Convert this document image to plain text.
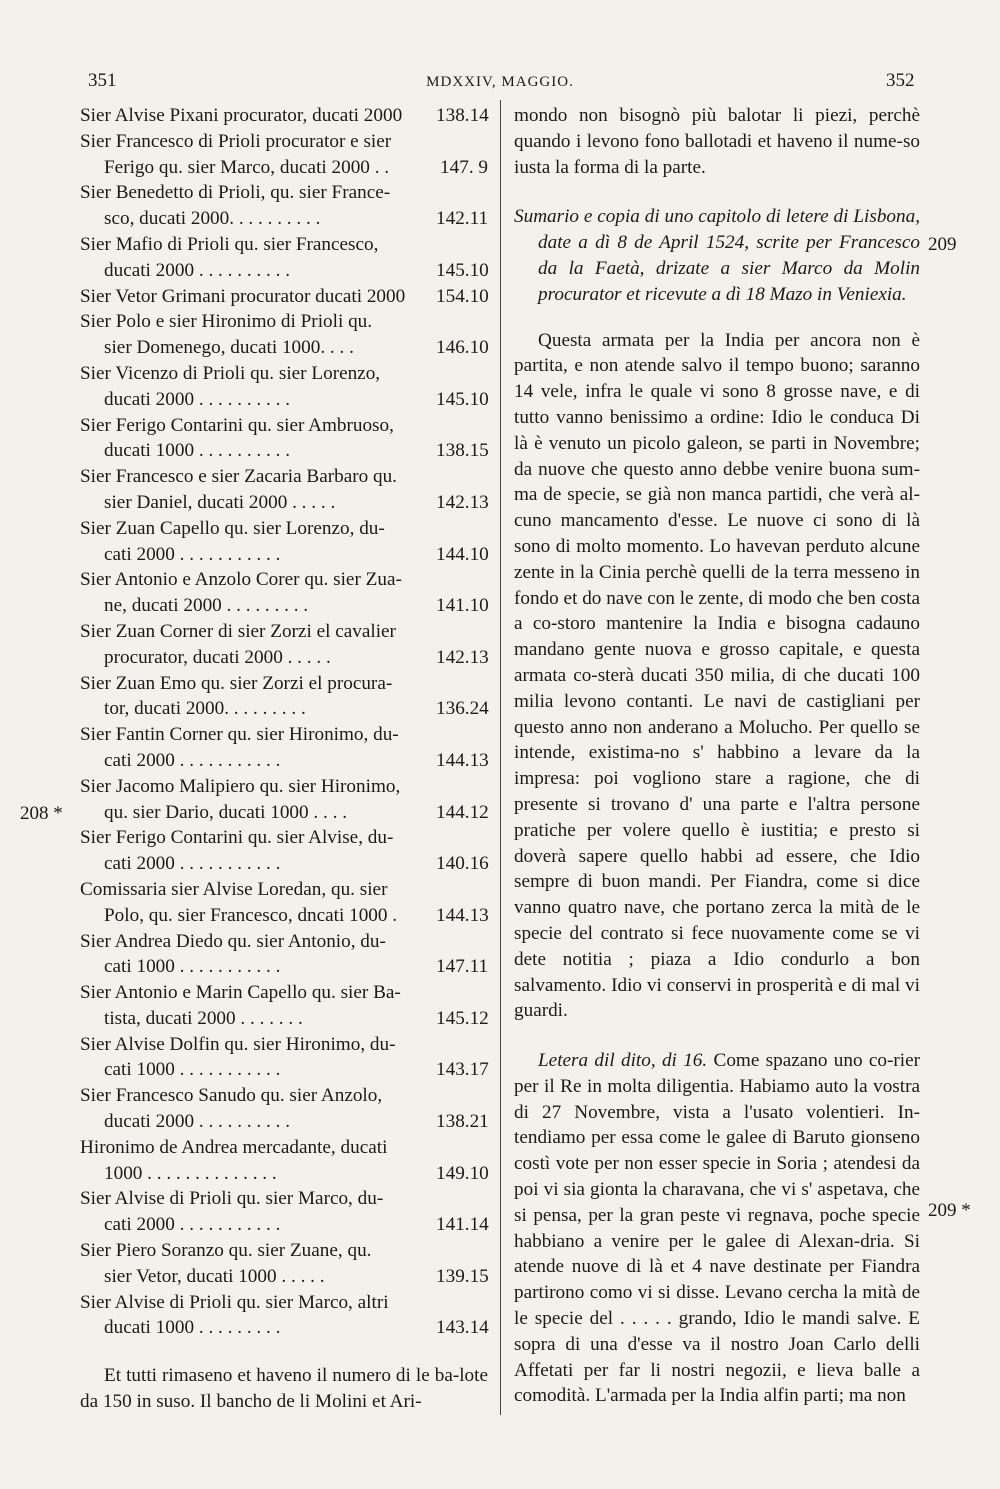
351	MDXXIV, MAGGIO.	352
208 *
209
209 *
Sier Alvise Pixani procurator, ducati 2000	138.14
Sier Francesco di Prioli procurator e sier
Ferigo qu. sier Marco, ducati 2000 . .	147. 9
Sier Benedetto di Prioli, qu. sier France-
sco, ducati 2000. . . . . . . . . .	142.11
Sier Mafio di Prioli qu. sier Francesco,
ducati 2000 . . . . . . . . . .	145.10
Sier Vetor Grimani procurator ducati 2000	154.10
Sier Polo e sier Hironimo di Prioli qu.
sier Domenego, ducati 1000. . . .	146.10
Sier Vicenzo di Prioli qu. sier Lorenzo,
ducati 2000 . . . . . . . . . .	145.10
Sier Ferigo Contarini qu. sier Ambruoso,
ducati 1000 . . . . . . . . . .	138.15
Sier Francesco e sier Zacaria Barbaro qu.
sier Daniel, ducati 2000 . . . . .	142.13
Sier Zuan Capello qu. sier Lorenzo, du-
cati 2000 . . . . . . . . . . .	144.10
Sier Antonio e Anzolo Corer qu. sier Zua-
ne, ducati 2000 . . . . . . . . .	141.10
Sier Zuan Corner di sier Zorzi el cavalier
procurator, ducati 2000 . . . . .	142.13
Sier Zuan Emo qu. sier Zorzi el procura-
tor, ducati 2000. . . . . . . . .	136.24
Sier Fantin Corner qu. sier Hironimo, du-
cati 2000 . . . . . . . . . . .	144.13
Sier Jacomo Malipiero qu. sier Hironimo,
qu. sier Dario, ducati 1000 . . . .	144.12
Sier Ferigo Contarini qu. sier Alvise, du-
cati 2000 . . . . . . . . . . .	140.16
Comissaria sier Alvise Loredan, qu. sier
Polo, qu. sier Francesco, dncati 1000 .	144.13
Sier Andrea Diedo qu. sier Antonio, du-
cati 1000 . . . . . . . . . . .	147.11
Sier Antonio e Marin Capello qu. sier Ba-
tista, ducati 2000 . . . . . . .	145.12
Sier Alvise Dolfin qu. sier Hironimo, du-
cati 1000 . . . . . . . . . . .	143.17
Sier Francesco Sanudo qu. sier Anzolo,
ducati 2000 . . . . . . . . . .	138.21
Hironimo de Andrea mercadante, ducati
1000 . . . . . . . . . . . . . .	149.10
Sier Alvise di Prioli qu. sier Marco, du-
cati 2000 . . . . . . . . . . .	141.14
Sier Piero Soranzo qu. sier Zuane, qu.
sier Vetor, ducati 1000 . . . . .	139.15
Sier Alvise di Prioli qu. sier Marco, altri
ducati 1000 . . . . . . . . .	143.14

Et tutti rimaseno et haveno il numero di le ba-lote da 150 in suso. Il bancho de li Molini et Ari-

mondo non bisognò più balotar li piezi, perchè quando i levono fono ballotadi et haveno il nume-so iusta la forma di la parte.

Sumario e copia di uno capitolo di letere di Lisbona, date a dì 8 de April 1524, scrite per Francesco da la Faetà, drizate a sier Marco da Molin procurator et ricevute a dì 18 Mazo in Veniexia.

Questa armata per la India per ancora non è partita, e non atende salvo il tempo buono; saranno 14 vele, infra le quale vi sono 8 grosse nave, e di tutto vanno benissimo a ordine: Idio le conduca Di là è venuto un picolo galeon, se parti in Novembre; da nuove che questo anno debbe venire buona sum-ma de specie, se già non manca partidi, che verà al-cuno mancamento d'esse. Le nuove ci sono di là sono di molto momento. Lo havevan perduto alcune zente in la Cinia perchè quelli de la terra messeno in fondo et do nave con le zente, di modo che ben costa a co-storo mantenire la India e bisogna cadauno mandano gente nuova e grosso capitale, e questa armata co-sterà ducati 350 milia, di che ducati 100 milia levono contanti. Le navi de castigliani per questo anno non anderano a Molucho. Per quello se intende, existima-no s' habbino a levare da la impresa: poi vogliono stare a ragione, che di presente si trovano d' una parte e l'altra persone pratiche per volere quello è iustitia; e presto si doverà sapere quello habbi ad essere, che Idio sempre di buon mandi. Per Fiandra, come si dice vanno quatro nave, che portano zerca la mità de le specie del contrato si fece nuovamente come se vi dete notitia ; piaza a Idio condurlo a bon salvamento. Idio vi conservi in prosperità e di mal vi guardi.

Letera dil dito, di 16. Come spazano uno co-rier per il Re in molta diligentia. Habiamo auto la vostra di 27 Novembre, vista a l'usato volentieri. In-tendiamo per essa come le galee di Baruto gionseno costì vote per non esser specie in Soria ; atendesi da poi vi sia gionta la charavana, che vi s' aspetava, che si pensa, per la gran peste vi regnava, poche specie habbiano a venire per le galee di Alexan-dria. Si atende nuove di là et 4 nave destinate per Fiandra partirono como vi si disse. Levano cercha la mità de le specie del . . . . . grando, Idio le mandi salve. E sopra di una d'esse va il nostro Joan Carlo delli Affetati per far li nostri negozii, e lieva balle a comodità. L'armada per la India alfin parti; ma non
